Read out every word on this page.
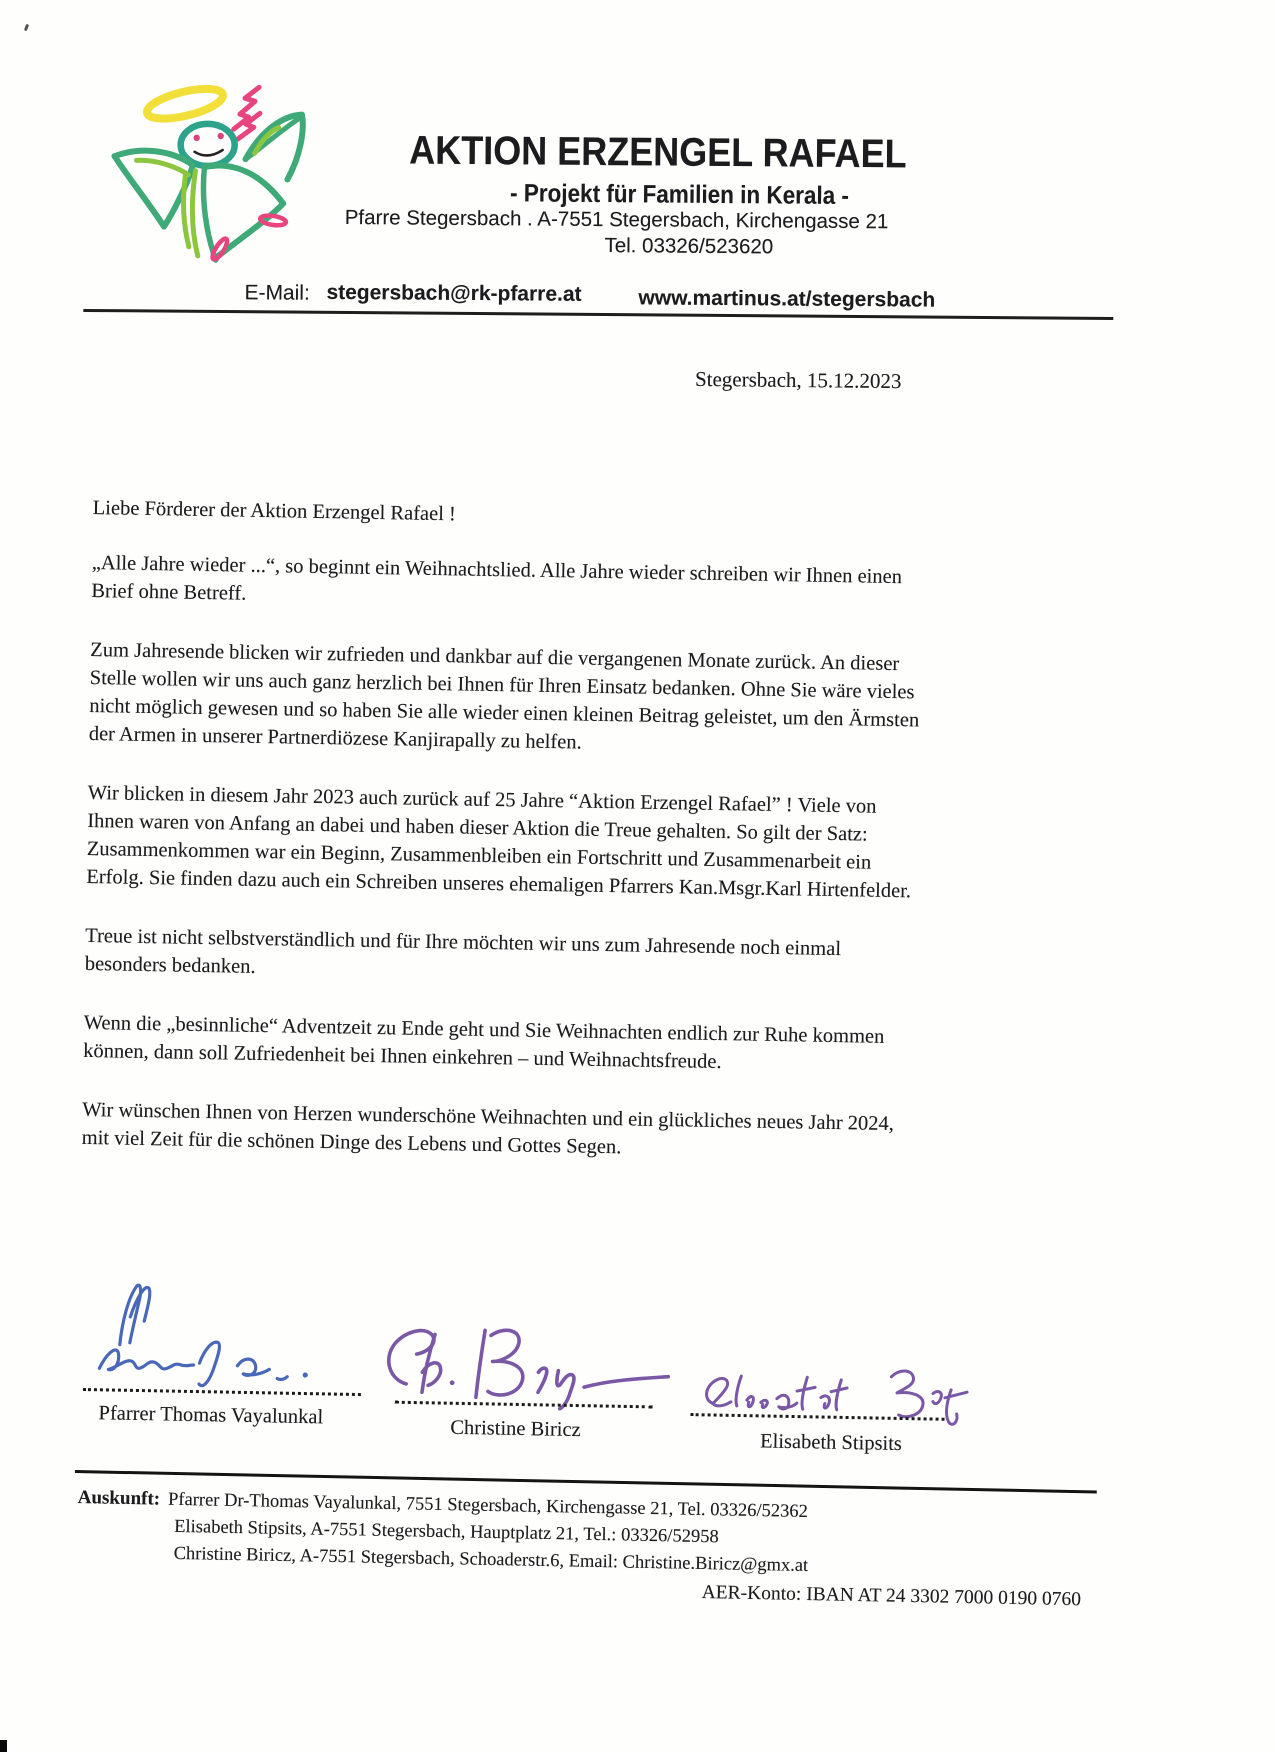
AKTION ERZENGEL RAFAEL
- Projekt für Familien in Kerala -
Pfarre Stegersbach . A-7551 Stegersbach, Kirchengasse 21
Tel. 03326/523620
E-Mail: stegersbach@rk-pfarre.at	www.martinus.at/stegersbach
Stegersbach, 15.12.2023
Liebe Förderer der Aktion Erzengel Rafael !

„Alle Jahre wieder ...“, so beginnt ein Weihnachtslied. Alle Jahre wieder schreiben wir Ihnen einen
Brief ohne Betreff.

Zum Jahresende blicken wir zufrieden und dankbar auf die vergangenen Monate zurück. An dieser
Stelle wollen wir uns auch ganz herzlich bei Ihnen für Ihren Einsatz bedanken. Ohne Sie wäre vieles
nicht möglich gewesen und so haben Sie alle wieder einen kleinen Beitrag geleistet, um den Ärmsten
der Armen in unserer Partnerdiözese Kanjirapally zu helfen.

Wir blicken in diesem Jahr 2023 auch zurück auf 25 Jahre “Aktion Erzengel Rafael” ! Viele von
Ihnen waren von Anfang an dabei und haben dieser Aktion die Treue gehalten. So gilt der Satz:
Zusammenkommen war ein Beginn, Zusammenbleiben ein Fortschritt und Zusammenarbeit ein
Erfolg. Sie finden dazu auch ein Schreiben unseres ehemaligen Pfarrers Kan.Msgr.Karl Hirtenfelder.

Treue ist nicht selbstverständlich und für Ihre möchten wir uns zum Jahresende noch einmal
besonders bedanken.

Wenn die „besinnliche“ Adventzeit zu Ende geht und Sie Weihnachten endlich zur Ruhe kommen
können, dann soll Zufriedenheit bei Ihnen einkehren – und Weihnachtsfreude.

Wir wünschen Ihnen von Herzen wunderschöne Weihnachten und ein glückliches neues Jahr 2024,
mit viel Zeit für die schönen Dinge des Lebens und Gottes Segen.

Pfarrer Thomas Vayalunkal
Christine Biricz
Elisabeth Stipsits
Auskunft: Pfarrer Dr-Thomas Vayalunkal, 7551 Stegersbach, Kirchengasse 21, Tel. 03326/52362
Elisabeth Stipsits, A-7551 Stegersbach, Hauptplatz 21, Tel.: 03326/52958
Christine Biricz, A-7551 Stegersbach, Schoaderstr.6, Email: Christine.Biricz@gmx.at
AER-Konto: IBAN AT 24 3302 7000 0190 0760
